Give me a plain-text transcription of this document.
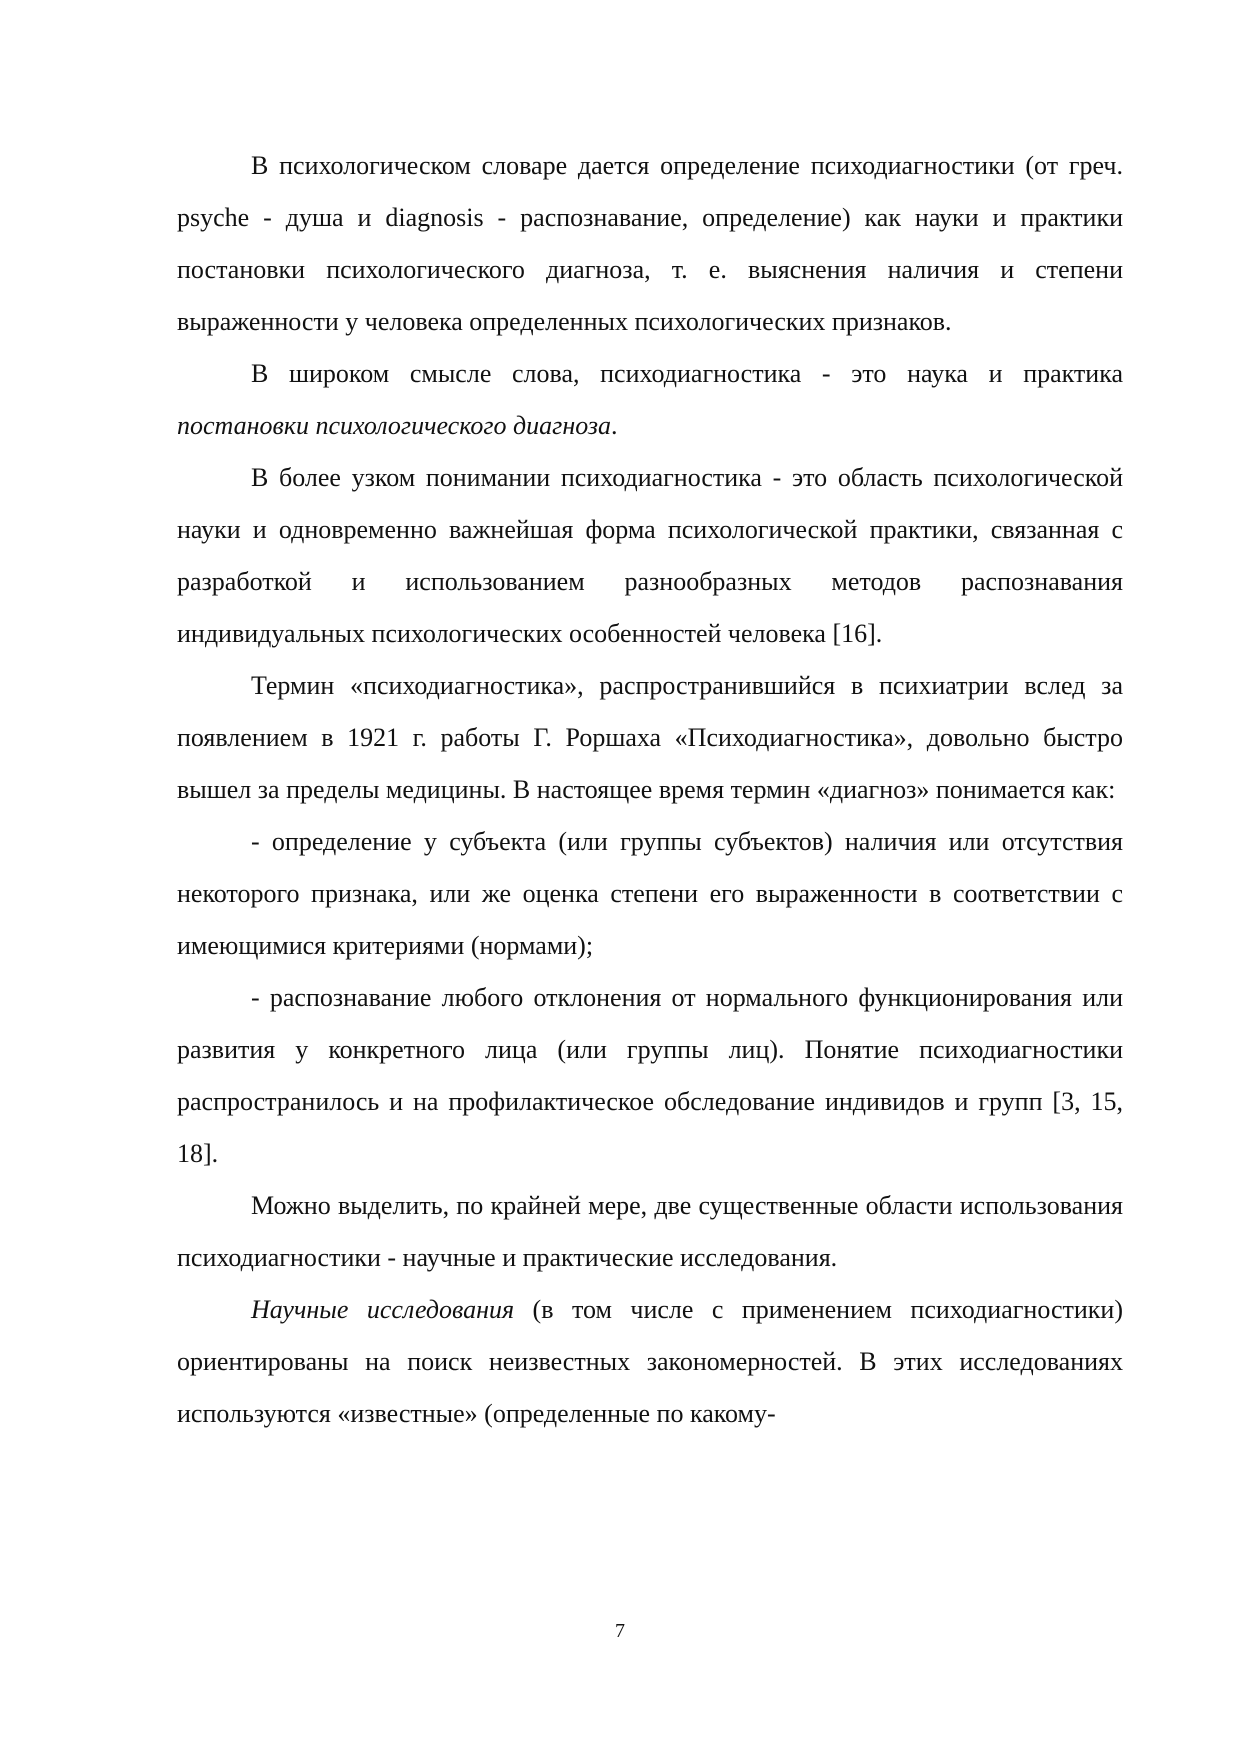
В психологическом словаре дается определение психодиагностики (от греч. psyche - душа и diagnosis - распознавание, определение) как науки и практики постановки психологического диагноза, т. е. выяснения наличия и степени выраженности у человека определенных психологических признаков.

В широком смысле слова, психодиагностика - это наука и практика постановки психологического диагноза.

В более узком понимании психодиагностика - это область психологической науки и одновременно важнейшая форма психологической практики, связанная с разработкой и использованием разнообразных методов распознавания индивидуальных психологических особенностей человека [16].

Термин «психодиагностика», распространившийся в психиатрии вслед за появлением в 1921 г. работы Г. Роршаха «Психодиагностика», довольно быстро вышел за пределы медицины. В настоящее время термин «диагноз» понимается как:

- определение у субъекта (или группы субъектов) наличия или отсутствия некоторого признака, или же оценка степени его выраженности в соответствии с имеющимися критериями (нормами);

- распознавание любого отклонения от нормального функционирования или развития у конкретного лица (или группы лиц). Понятие психодиагностики распространилось и на профилактическое обследование индивидов и групп [3, 15, 18].

Можно выделить, по крайней мере, две существенные области использования психодиагностики - научные и практические исследования.

Научные исследования (в том числе с применением психодиагностики) ориентированы на поиск неизвестных закономерностей. В этих исследованиях используются «известные» (определенные по какому-

7
